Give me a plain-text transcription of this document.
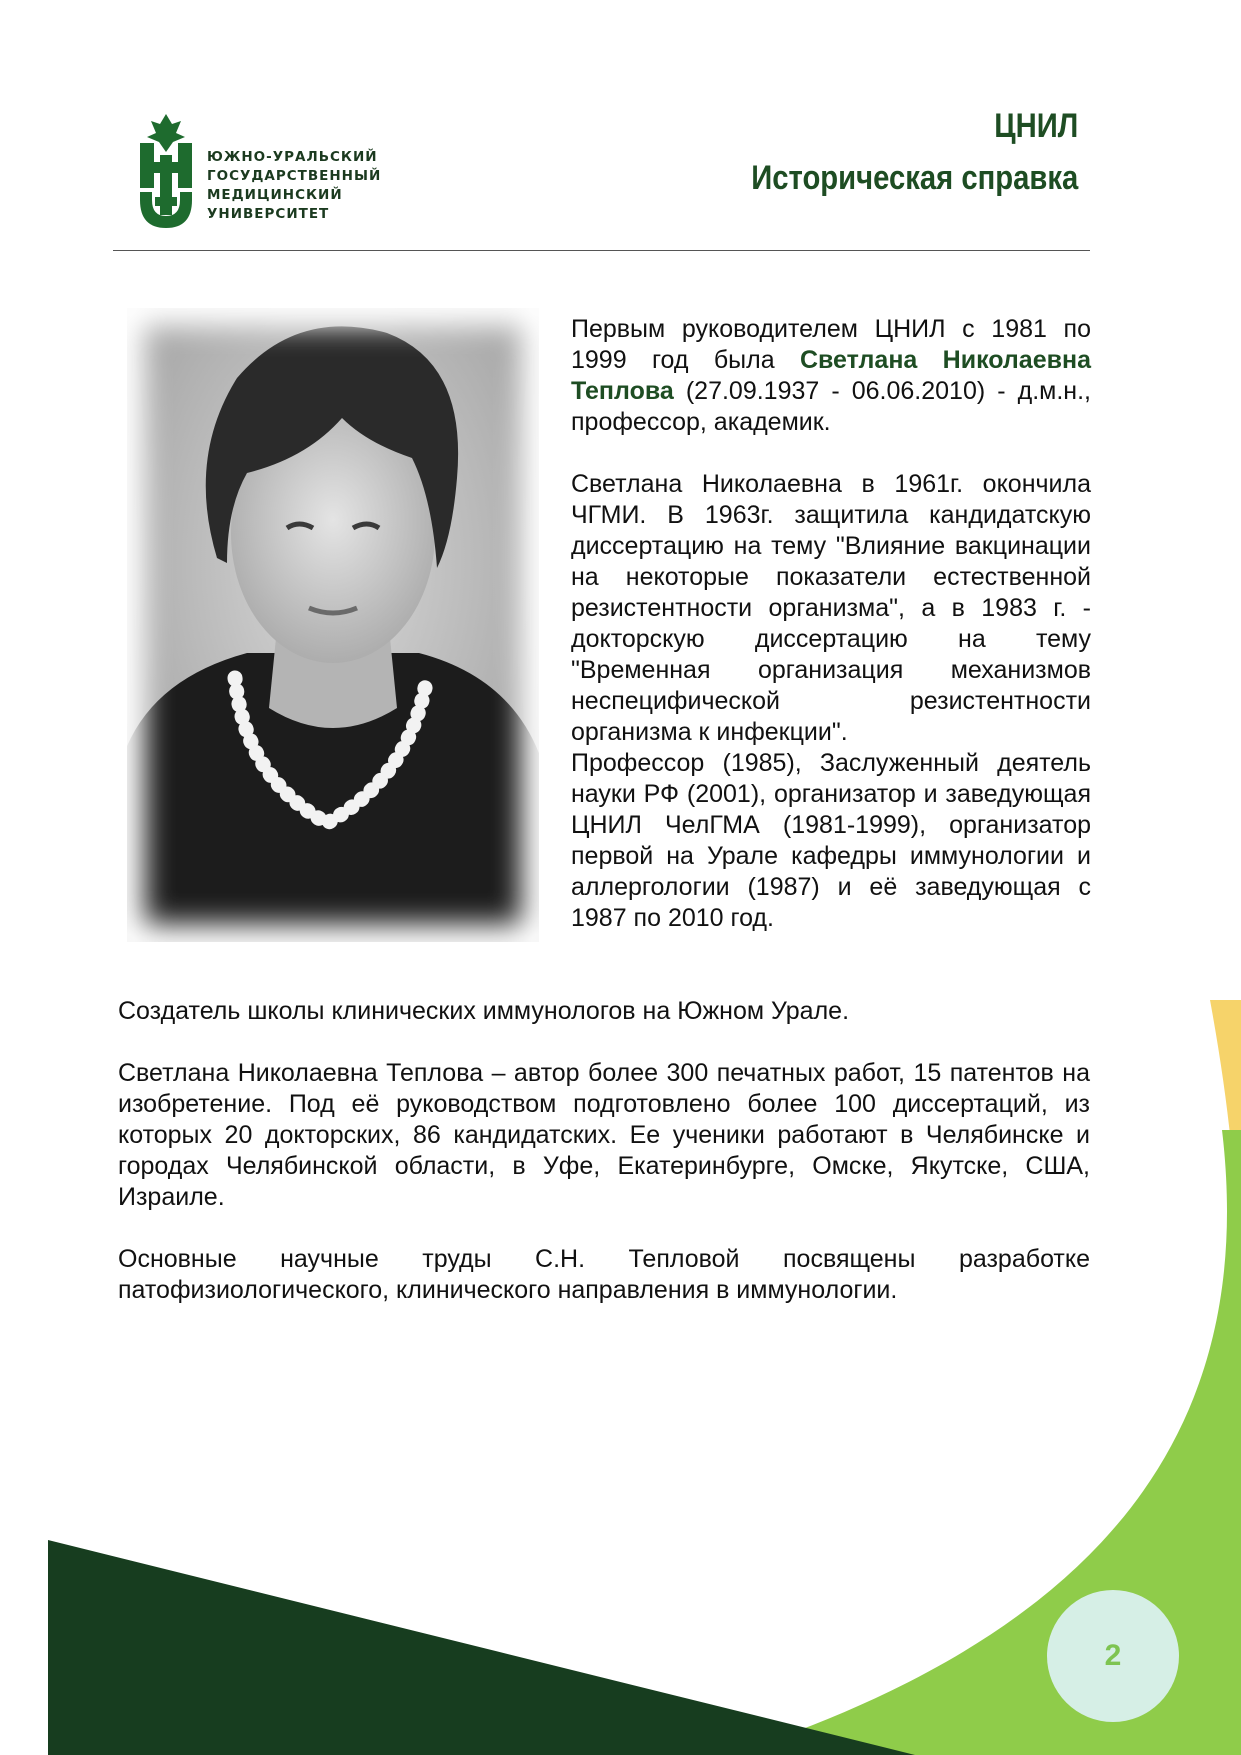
ЮЖНО-УРАЛЬСКИЙ
ГОСУДАРСТВЕННЫЙ
МЕДИЦИНСКИЙ
УНИВЕРСИТЕТ
ЦНИЛ
Историческая справка

Первым руководителем ЦНИЛ с 1981 по 1999 год была Светлана Николаевна Теплова (27.09.1937 - 06.06.2010) - д.м.н., профессор, академик.

Светлана Николаевна в 1961г. окончила ЧГМИ. В 1963г. защитила кандидатскую диссертацию на тему "Влияние вакцинации на некоторые показатели естественной резистентности организма", а в 1983 г. - докторскую диссертацию на тему "Временная организация механизмов неспецифической резистентности организма к инфекции".

Профессор (1985), Заслуженный деятель науки РФ (2001), организатор и заведующая ЦНИЛ ЧелГМА (1981-1999), организатор первой на Урале кафедры иммунологии и аллергологии (1987) и её заведующая с 1987 по 2010 год.

Создатель школы клинических иммунологов на Южном Урале.

Светлана Николаевна Теплова – автор более 300 печатных работ, 15 патентов на изобретение. Под её руководством подготовлено более 100 диссертаций, из которых 20 докторских, 86 кандидатских. Ее ученики работают в Челябинске и городах Челябинской области, в Уфе, Екатеринбурге, Омске, Якутске, США, Израиле.

Основные научные труды С.Н. Тепловой посвящены разработке патофизиологического, клинического направления в иммунологии.

2
